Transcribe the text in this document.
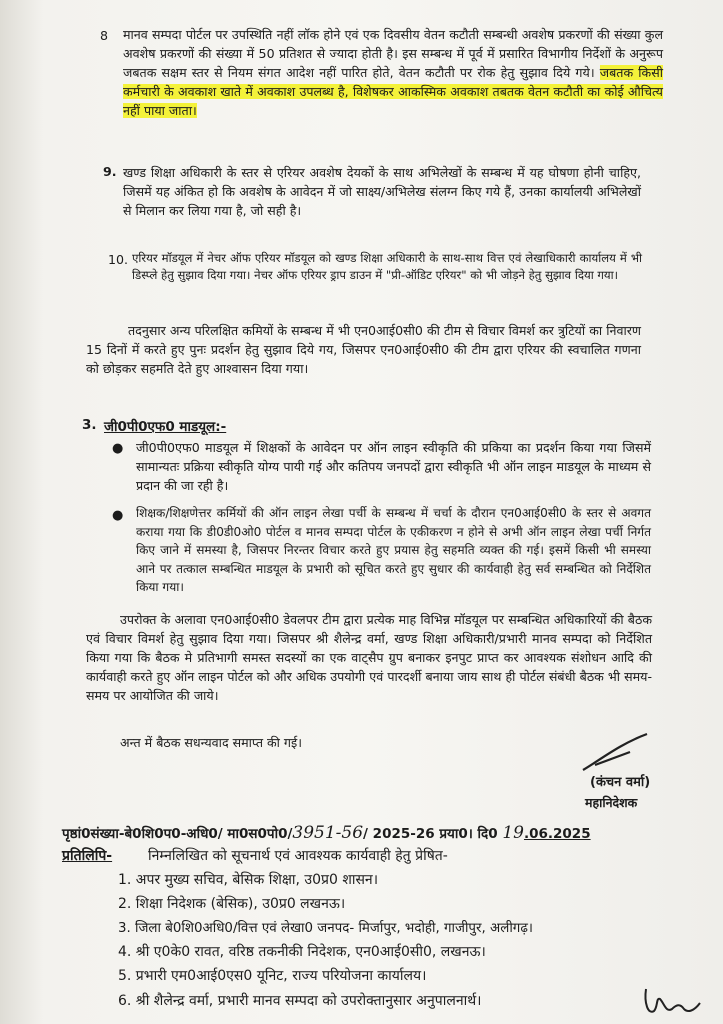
8 मानव सम्पदा पोर्टल पर उपस्थिति नहीं लॉक होने एवं एक दिवसीय वेतन कटौती सम्बन्धी अवशेष प्रकरणों की संख्या कुल अवशेष प्रकरणों की संख्या में 50 प्रतिशत से ज्यादा होती है। इस सम्बन्ध में पूर्व में प्रसारित विभागीय निर्देशों के अनुरूप जबतक सक्षम स्तर से नियम संगत आदेश नहीं पारित होते, वेतन कटौती पर रोक हेतु सुझाव दिये गये। जबतक किसी कर्मचारी के अवकाश खाते में अवकाश उपलब्ध है, विशेषकर आकस्मिक अवकाश तबतक वेतन कटौती का कोई औचित्य नहीं पाया जाता।

9. खण्ड शिक्षा अधिकारी के स्तर से एरियर अवशेष देयकों के साथ अभिलेखों के सम्बन्ध में यह घोषणा होनी चाहिए, जिसमें यह अंकित हो कि अवशेष के आवेदन में जो साक्ष्य/अभिलेख संलग्न किए गये हैं, उनका कार्यालयी अभिलेखों से मिलान कर लिया गया है, जो सही है।

10. एरियर मॉडयूल में नेचर ऑफ एरियर मॉडयूल को खण्ड शिक्षा अधिकारी के साथ-साथ वित्त एवं लेखाधिकारी कार्यालय में भी डिस्प्ले हेतु सुझाव दिया गया। नेचर ऑफ एरियर ड्राप डाउन में "प्री-ऑडिट एरियर" को भी जोड़ने हेतु सुझाव दिया गया।

तदनुसार अन्य परिलक्षित कमियों के सम्बन्ध में भी एन0आई0सी0 की टीम से विचार विमर्श कर त्रुटियों का निवारण 15 दिनों में करते हुए पुनः प्रदर्शन हेतु सुझाव दिये गय, जिसपर एन0आई0सी0 की टीम द्वारा एरियर की स्वचालित गणना को छोड़कर सहमति देते हुए आश्वासन दिया गया।
3. जी0पी0एफ0 माडयूल:-
● जी0पी0एफ0 माडयूल में शिक्षकों के आवेदन पर ऑन लाइन स्वीकृति की प्रकिया का प्रदर्शन किया गया जिसमें सामान्यतः प्रक्रिया स्वीकृति योग्य पायी गई और कतिपय जनपदों द्वारा स्वीकृति भी ऑन लाइन माडयूल के माध्यम से प्रदान की जा रही है।
● शिक्षक/शिक्षणेत्तर कर्मियों की ऑन लाइन लेखा पर्ची के सम्बन्ध में चर्चा के दौरान एन0आई0सी0 के स्तर से अवगत कराया गया कि डी0डी0ओ0 पोर्टल व मानव सम्पदा पोर्टल के एकीकरण न होने से अभी ऑन लाइन लेखा पर्ची निर्गत किए जाने में समस्या है, जिसपर निरन्तर विचार करते हुए प्रयास हेतु सहमति व्यक्त की गई। इसमें किसी भी समस्या आने पर तत्काल सम्बन्धित माडयूल के प्रभारी को सूचित करते हुए सुधार की कार्यवाही हेतु सर्व सम्बन्धित को निर्देशित किया गया।
उपरोक्त के अलावा एन0आई0सी0 डेवलपर टीम द्वारा प्रत्येक माह विभिन्न मॉडयूल पर सम्बन्धित अधिकारियों की बैठक एवं विचार विमर्श हेतु सुझाव दिया गया। जिसपर श्री शैलेन्द्र वर्मा, खण्ड शिक्षा अधिकारी/प्रभारी मानव सम्पदा को निर्देशित किया गया कि बैठक मे प्रतिभागी समस्त सदस्यों का एक वाट्सैप ग्रुप बनाकर इनपुट प्राप्त कर आवश्यक संशोधन आदि की कार्यवाही करते हुए ऑन लाइन पोर्टल को और अधिक उपयोगी एवं पारदर्शी बनाया जाय साथ ही पोर्टल संबंधी बैठक भी समय-समय पर आयोजित की जाये।
अन्त में बैठक सधन्यवाद समाप्त की गई।
(कंचन वर्मा)
महानिदेशक
पृष्ठां0संख्या-बे0शि0प0-अधि0/ मा0स0पो0/3951-56/ 2025-26 प्रया0। दि0 19.06.2025
प्रतिलिपि-	निम्नलिखित को सूचनार्थ एवं आवश्यक कार्यवाही हेतु प्रेषित-
1. अपर मुख्य सचिव, बेसिक शिक्षा, उ0प्र0 शासन।
2. शिक्षा निदेशक (बेसिक), उ0प्र0 लखनऊ।
3. जिला बे0शि0अधि0/वित्त एवं लेखा0 जनपद- मिर्जापुर, भदोही, गाजीपुर, अलीगढ़।
4. श्री ए0के0 रावत, वरिष्ठ तकनीकी निदेशक, एन0आई0सी0, लखनऊ।
5. प्रभारी एम0आई0एस0 यूनिट, राज्य परियोजना कार्यालय।
6. श्री शैलेन्द्र वर्मा, प्रभारी मानव सम्पदा को उपरोक्तानुसार अनुपालनार्थ।
